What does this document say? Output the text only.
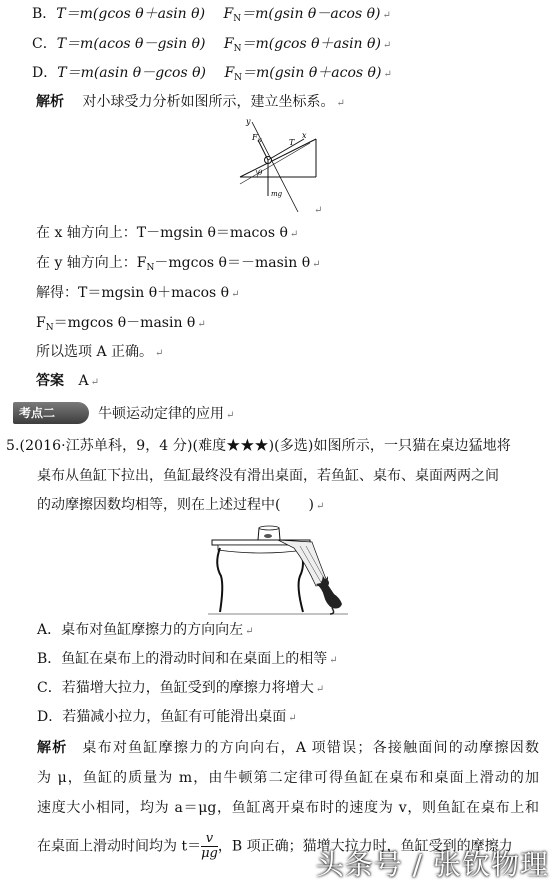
B．T＝m(gcos θ＋asin θ) $F_N=m(gsin$ θ－acos θ) ↵
C．T＝m(acos θ－gsin θ) $F_N=m(gcos$ θ＋asin θ) ↵
D．T＝m(asin θ－gcos θ) $F_N=m(gsin$ θ＋acos θ) ↵
解析 对小球受力分析如图所示，建立坐标系。 ↵
y
$F_N$	T
x
θ
mg
↵
在 x 轴方向上：T－mgsin θ＝macos θ ↵
在 y 轴方向上：$F_N-mgcos$ θ＝－masin θ ↵
解得：T＝mgsin θ＋macos θ ↵
$F_N=mgcos$ θ－masin θ ↵
所以选项 A 正确。 ↵
答案 A ↵
考点二	牛顿运动定律的应用 ↵
5.(2016·江苏单科，9，4 分)(难度★★★)(多选)如图所示，一只猫在桌边猛地将
桌布从鱼缸下拉出，鱼缸最终没有滑出桌面，若鱼缸、桌布、桌面两两之间
的动摩擦因数均相等，则在上述过程中(　　) ↵
A．桌布对鱼缸摩擦力的方向向左 ↵
B．鱼缸在桌布上的滑动时间和在桌面上的相等 ↵
C．若猫增大拉力，鱼缸受到的摩擦力将增大 ↵
D．若猫减小拉力，鱼缸有可能滑出桌面 ↵
解析 桌布对鱼缸摩擦力的方向向右，A 项错误；各接触面间的动摩擦因数
为 μ，鱼缸的质量为 m，由牛顿第二定律可得鱼缸在桌布和桌面上滑动的加
速度大小相同，均为 a＝μg，鱼缸离开桌布时的速度为 v，则鱼缸在桌布上和
在桌面上滑动时间均为 $t= \frac{v}{\mu g}$ ，B 项正确；猫增大拉力时，鱼缸受到的摩擦力
头条号 / 张钦物理
